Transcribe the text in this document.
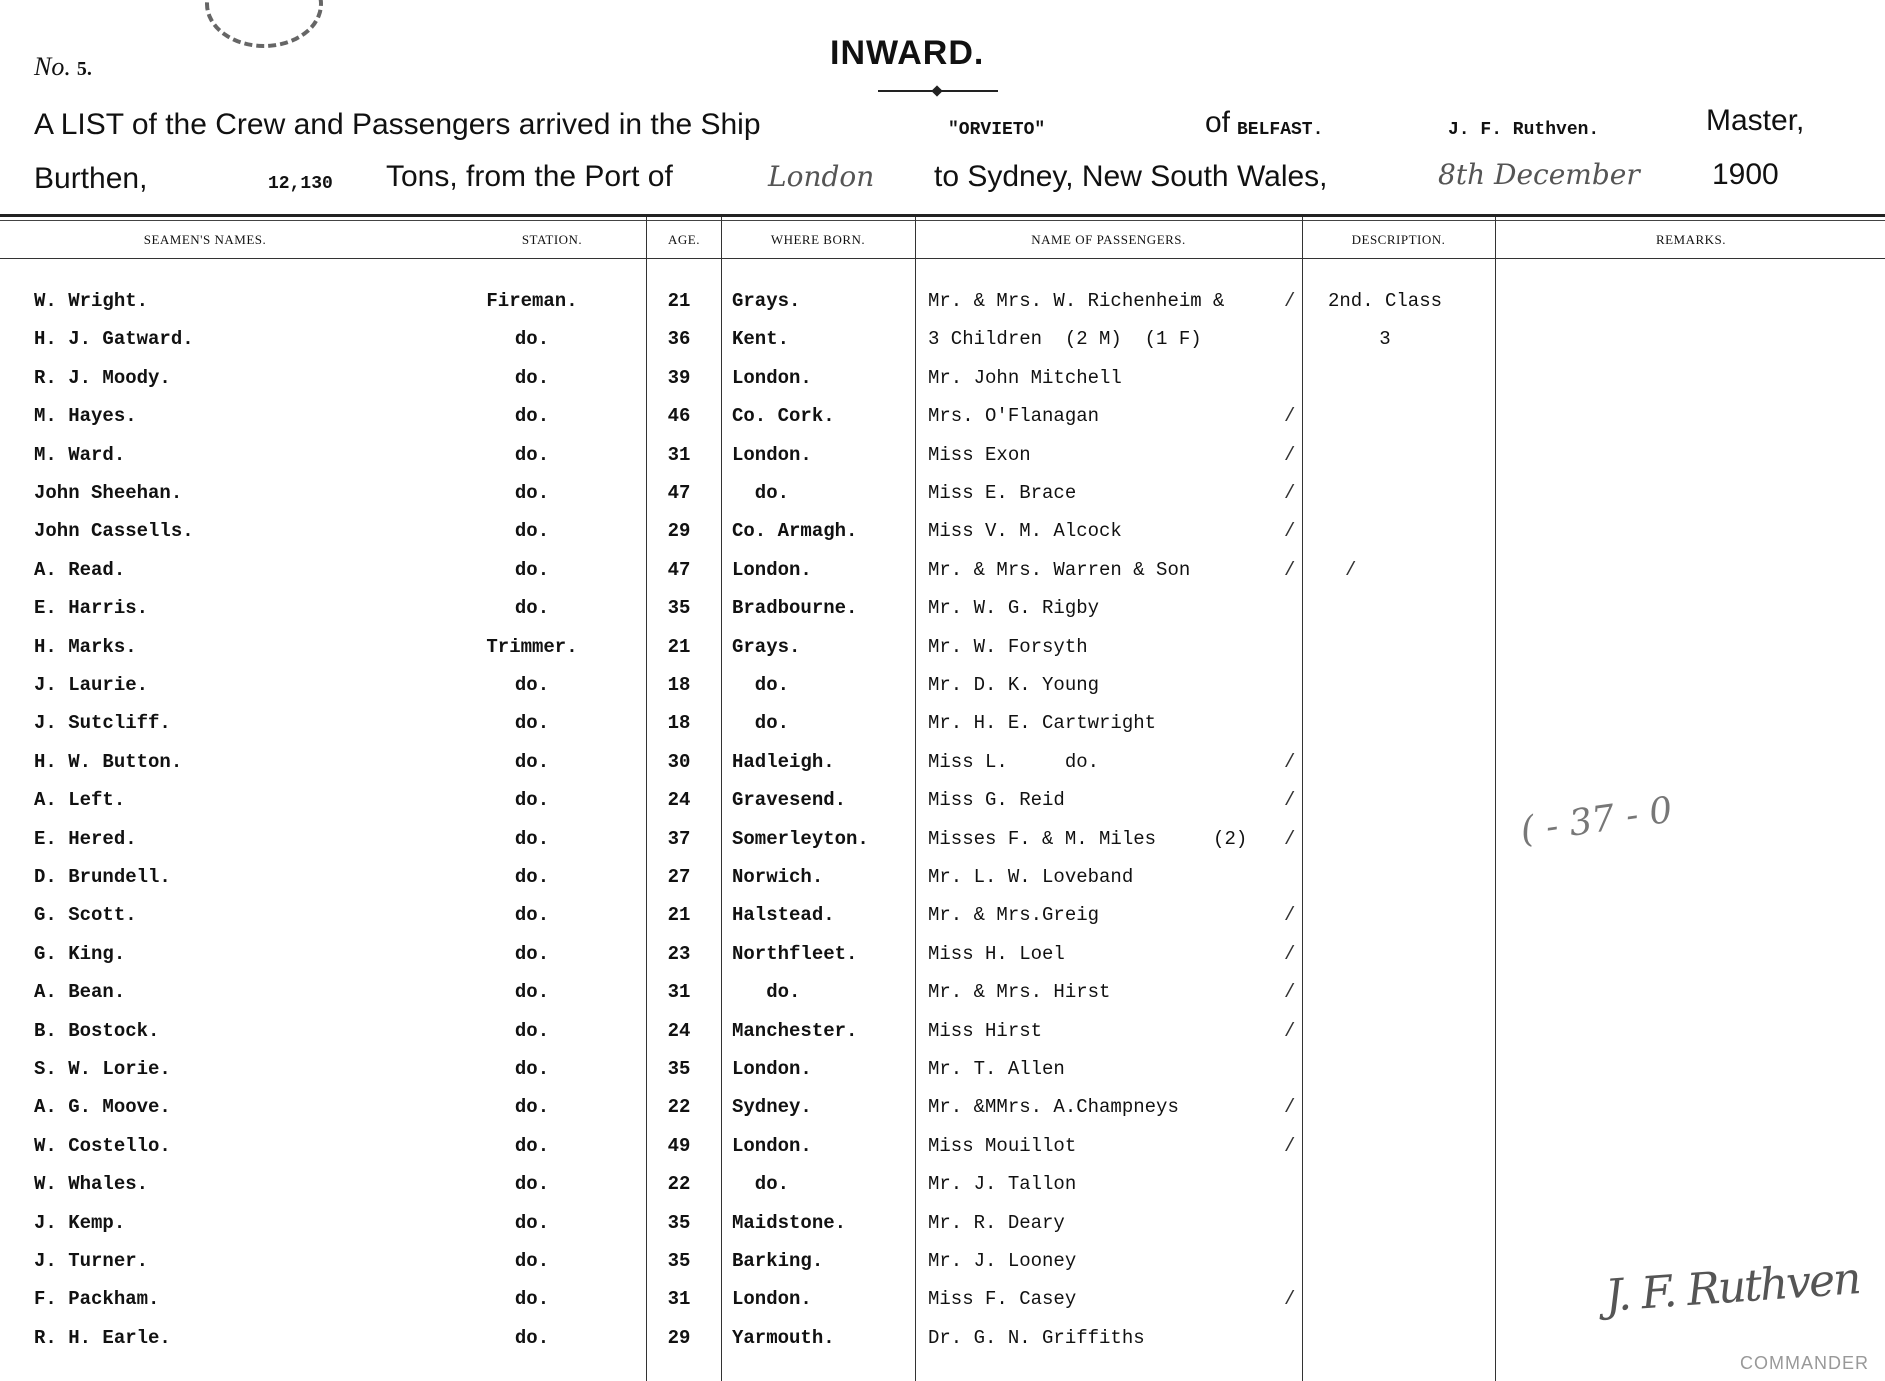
No. 5.	INWARD.
A LIST of the Crew and Passengers arrived in the Ship	"ORVIETO"	of BELFAST.	J. F. Ruthven.	Master,
Burthen,	12,130 Tons, from the Port of	London to Sydney, New South Wales,	8th December 1900
SEAMEN'S NAMES.	STATION.	AGE.	WHERE BORN.	NAME OF PASSENGERS.	DESCRIPTION.	REMARKS.
W. Wright.	Fireman.	21	Grays.	Mr. & Mrs. W. Richenheim &	/	2nd. Class
H. J. Gatward.	do.	36	Kent.	3 Children  (2 M)  (1 F)	3
R. J. Moody.	do.	39	London.	Mr. John Mitchell
M. Hayes.	do.	46	Co. Cork.	Mrs. O'Flanagan	/
M. Ward.	do.	31	London.	Miss Exon	/
John Sheehan.	do.	47	do.	Miss E. Brace	/
John Cassells.	do.	29	Co. Armagh.	Miss V. M. Alcock	/
A. Read.	do.	47	London.	Mr. & Mrs. Warren & Son	/	/
E. Harris.	do.	35	Bradbourne.	Mr. W. G. Rigby
H. Marks.	Trimmer.	21	Grays.	Mr. W. Forsyth
J. Laurie.	do.	18	do.	Mr. D. K. Young
J. Sutcliff.	do.	18	do.	Mr. H. E. Cartwright
H. W. Button.	do.	30	Hadleigh.	Miss L.     do.	/
A. Left.	do.	24	Gravesend.	Miss G. Reid	/
E. Hered.	do.	37	Somerleyton.	Misses F. & M. Miles     (2) /
D. Brundell.	do.	27	Norwich.	Mr. L. W. Loveband
G. Scott.	do.	21	Halstead.	Mr. & Mrs.Greig	/
G. King.	do.	23	Northfleet.	Miss H. Loel	/
A. Bean.	do.	31	do.	Mr. & Mrs. Hirst	/
B. Bostock.	do.	24	Manchester.	Miss Hirst	/
S. W. Lorie.	do.	35	London.	Mr. T. Allen
A. G. Moove.	do.	22	Sydney.	Mr. &MMrs. A.Champneys	/
W. Costello.	do.	49	London.	Miss Mouillot	/
W. Whales.	do.	22	do.	Mr. J. Tallon
J. Kemp.	do.	35	Maidstone.	Mr. R. Deary
J. Turner.	do.	35	Barking.	Mr. J. Looney
F. Packham.	do.	31	London.	Miss F. Casey	/
R. H. Earle.	do.	29	Yarmouth.	Dr. G. N. Griffiths
( - 37 - 0
J. F. Ruthven
COMMANDER
